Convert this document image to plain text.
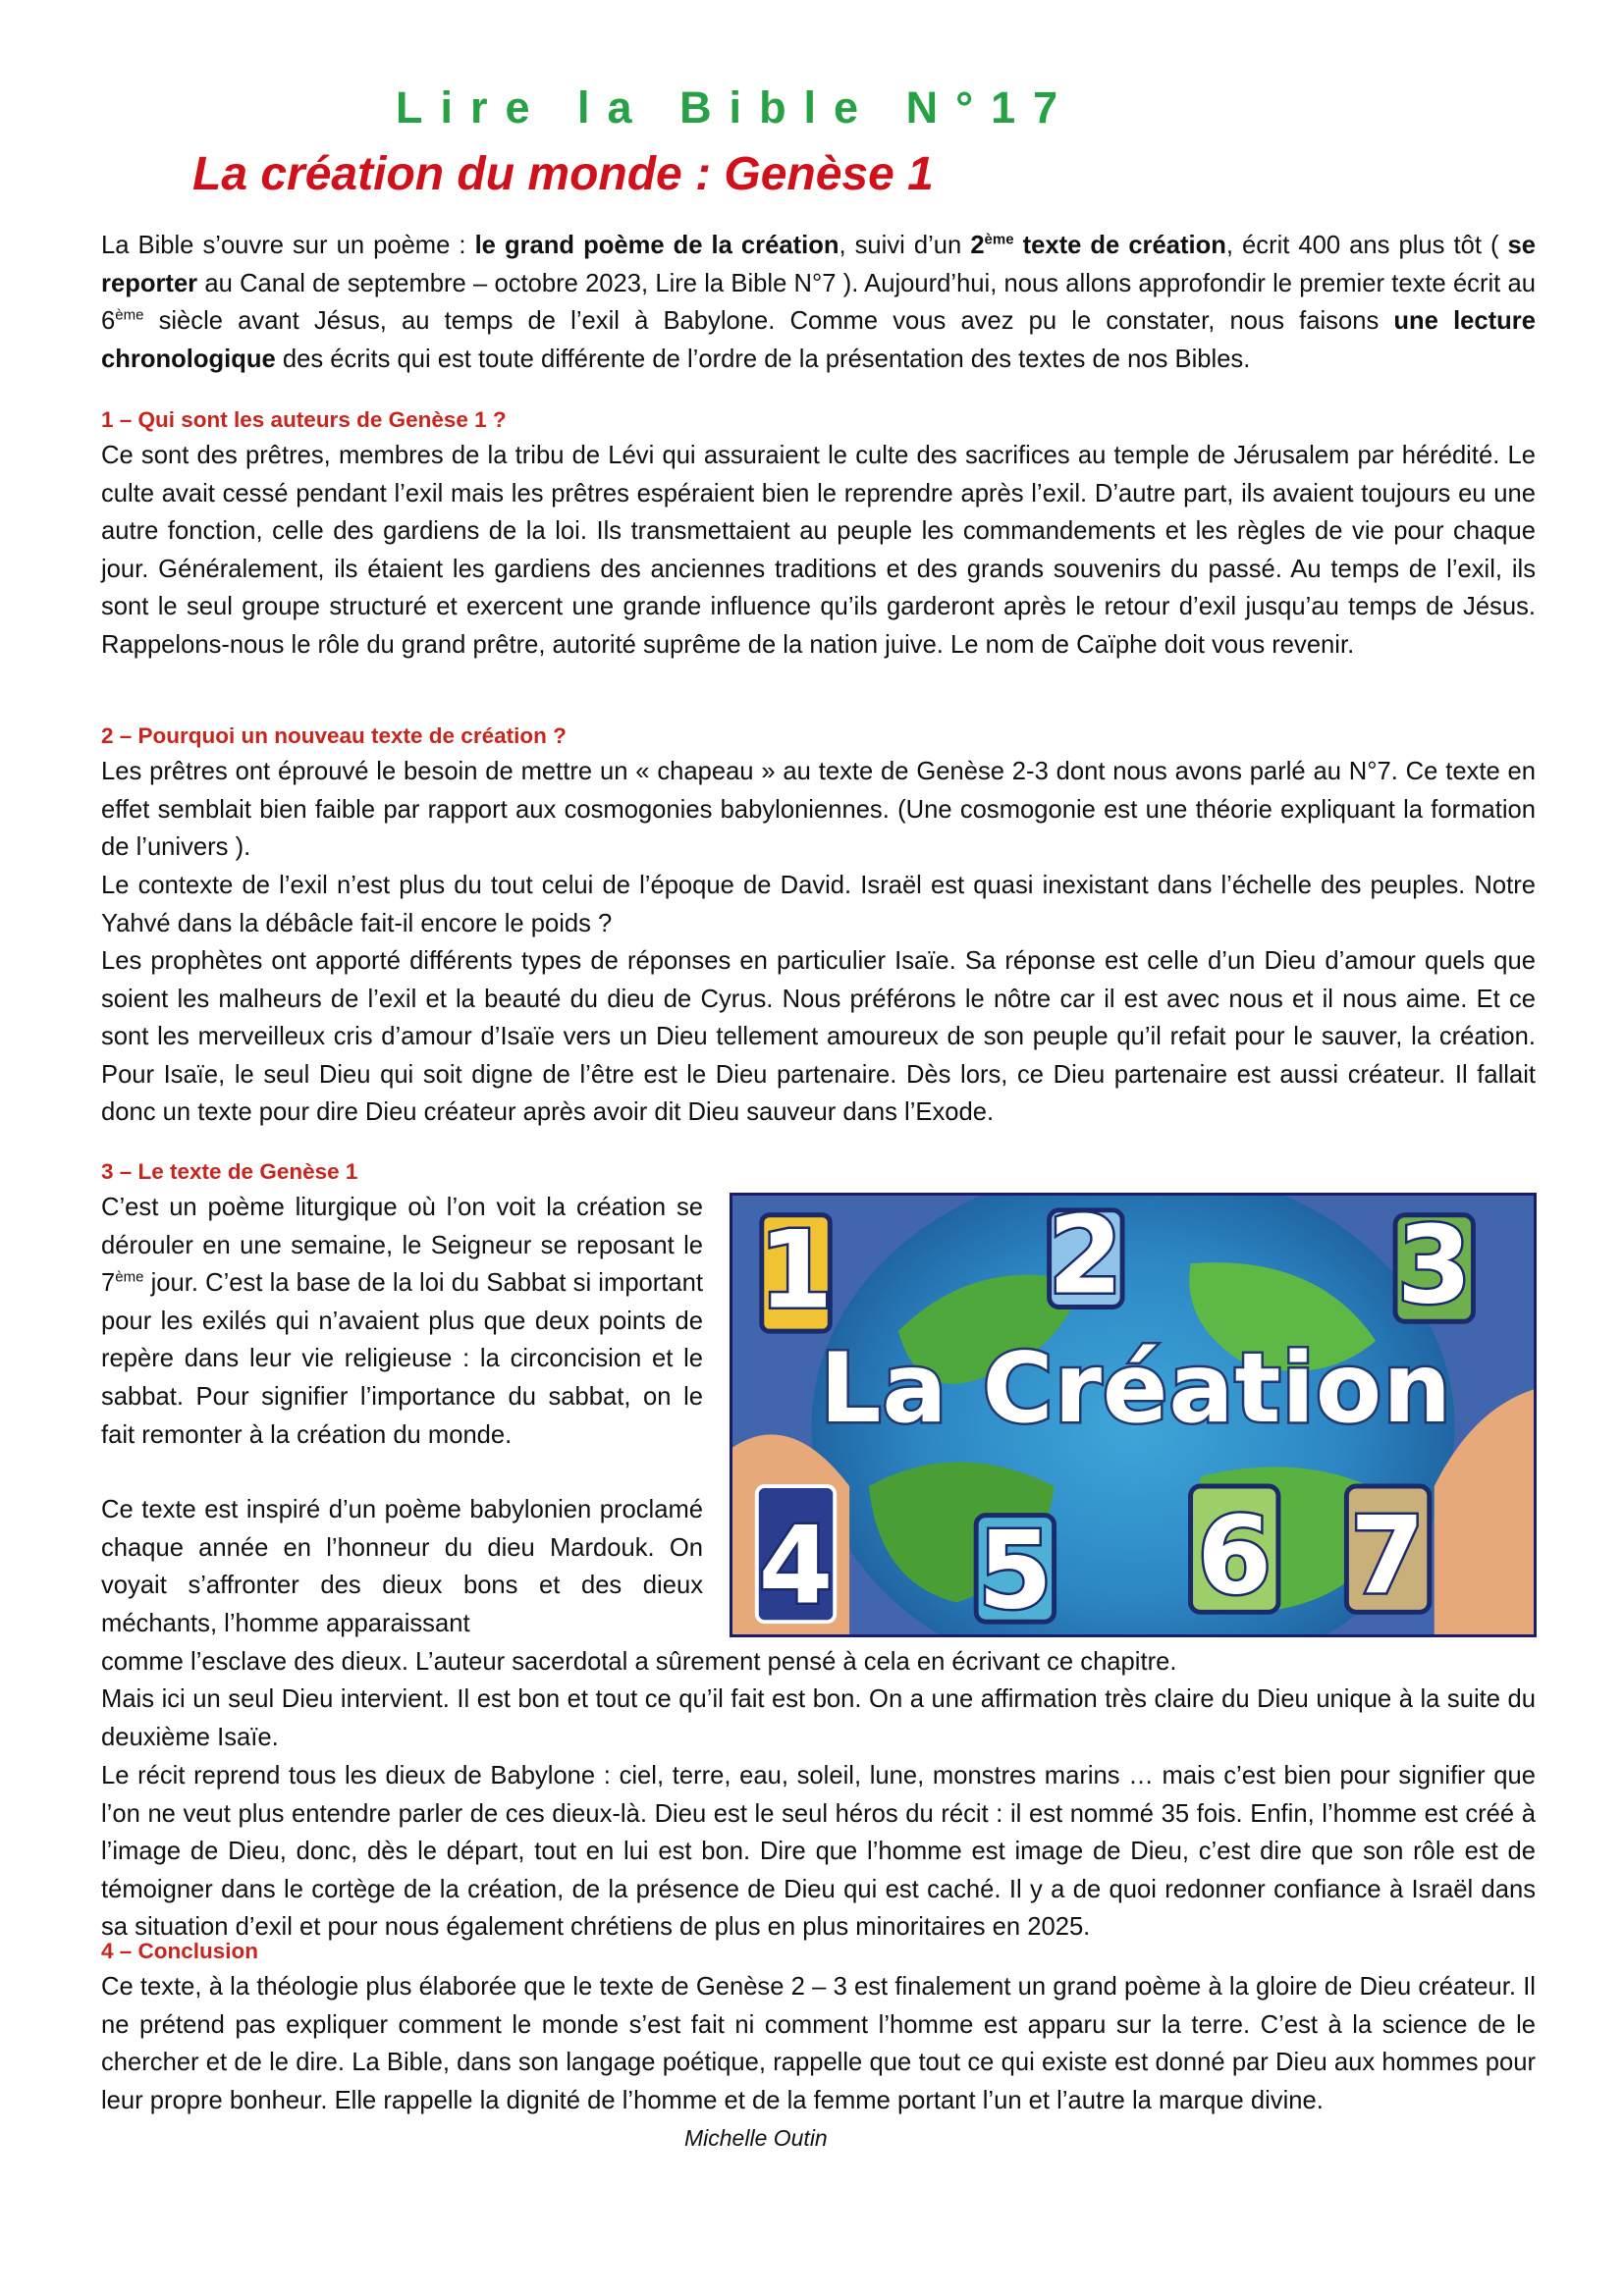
Lire la Bible N°17
La création du monde : Genèse 1

La Bible s’ouvre sur un poème : le grand poème de la création, suivi d’un 2ème texte de création, écrit 400 ans plus tôt ( se reporter au Canal de septembre – octobre 2023, Lire la Bible N°7 ). Aujourd’hui, nous allons approfondir le premier texte écrit au 6ème siècle avant Jésus, au temps de l’exil à Babylone. Comme vous avez pu le constater, nous faisons une lecture chronologique des écrits qui est toute différente de l’ordre de la présentation des textes de nos Bibles.

1 – Qui sont les auteurs de Genèse 1 ?

Ce sont des prêtres, membres de la tribu de Lévi qui assuraient le culte des sacrifices au temple de Jérusalem par hérédité. Le culte avait cessé pendant l’exil mais les prêtres espéraient bien le reprendre après l’exil. D’autre part, ils avaient toujours eu une autre fonction, celle des gardiens de la loi. Ils transmettaient au peuple les commandements et les règles de vie pour chaque jour. Généralement, ils étaient les gardiens des anciennes traditions et des grands souvenirs du passé. Au temps de l’exil, ils sont le seul groupe structuré et exercent une grande influence qu’ils garderont après le retour d’exil jusqu’au temps de Jésus. Rappelons-nous le rôle du grand prêtre, autorité suprême de la nation juive. Le nom de Caïphe doit vous revenir.

2 – Pourquoi un nouveau texte de création ?

Les prêtres ont éprouvé le besoin de mettre un « chapeau » au texte de Genèse 2-3 dont nous avons parlé au N°7. Ce texte en effet semblait bien faible par rapport aux cosmogonies babyloniennes. (Une cosmogonie est une théorie expliquant la formation de l’univers ).

Le contexte de l’exil n’est plus du tout celui de l’époque de David. Israël est quasi inexistant dans l’échelle des peuples. Notre Yahvé dans la débâcle fait-il encore le poids ?

Les prophètes ont apporté différents types de réponses en particulier Isaïe. Sa réponse est celle d’un Dieu d’amour quels que soient les malheurs de l’exil et la beauté du dieu de Cyrus. Nous préférons le nôtre car il est avec nous et il nous aime. Et ce sont les merveilleux cris d’amour d’Isaïe vers un Dieu tellement amoureux de son peuple qu’il refait pour le sauver, la création. Pour Isaïe, le seul Dieu qui soit digne de l’être est le Dieu partenaire. Dès lors, ce Dieu partenaire est aussi créateur. Il fallait donc un texte pour dire Dieu créateur après avoir dit Dieu sauveur dans l’Exode.

3 – Le texte de Genèse 1

C’est un poème liturgique où l’on voit la création se dérouler en une semaine, le Seigneur se reposant le 7ème jour. C’est la base de la loi du Sabbat si important pour les exilés qui n’avaient plus que deux points de repère dans leur vie religieuse : la circoncision et le sabbat. Pour signifier l’importance du sabbat, on le fait remonter à la création du monde.

Ce texte est inspiré d’un poème babylonien proclamé chaque année en l’honneur du dieu Mardouk. On voyait s’affronter des dieux bons et des dieux méchants, l’homme apparaissant

1 2	3
4 5 6 7
La Création

comme l’esclave des dieux. L’auteur sacerdotal a sûrement pensé à cela en écrivant ce chapitre.

Mais ici un seul Dieu intervient. Il est bon et tout ce qu’il fait est bon. On a une affirmation très claire du Dieu unique à la suite du deuxième Isaïe.

Le récit reprend tous les dieux de Babylone : ciel, terre, eau, soleil, lune, monstres marins … mais c’est bien pour signifier que l’on ne veut plus entendre parler de ces dieux-là. Dieu est le seul héros du récit : il est nommé 35 fois. Enfin, l’homme est créé à l’image de Dieu, donc, dès le départ, tout en lui est bon. Dire que l’homme est image de Dieu, c’est dire que son rôle est de témoigner dans le cortège de la création, de la présence de Dieu qui est caché. Il y a de quoi redonner confiance à Israël dans sa situation d’exil et pour nous également chrétiens de plus en plus minoritaires en 2025.

4 – Conclusion

Ce texte, à la théologie plus élaborée que le texte de Genèse 2 – 3 est finalement un grand poème à la gloire de Dieu créateur. Il ne prétend pas expliquer comment le monde s’est fait ni comment l’homme est apparu sur la terre. C’est à la science de le chercher et de le dire. La Bible, dans son langage poétique, rappelle que tout ce qui existe est donné par Dieu aux hommes pour leur propre bonheur. Elle rappelle la dignité de l’homme et de la femme portant l’un et l’autre la marque divine.

Michelle Outin
